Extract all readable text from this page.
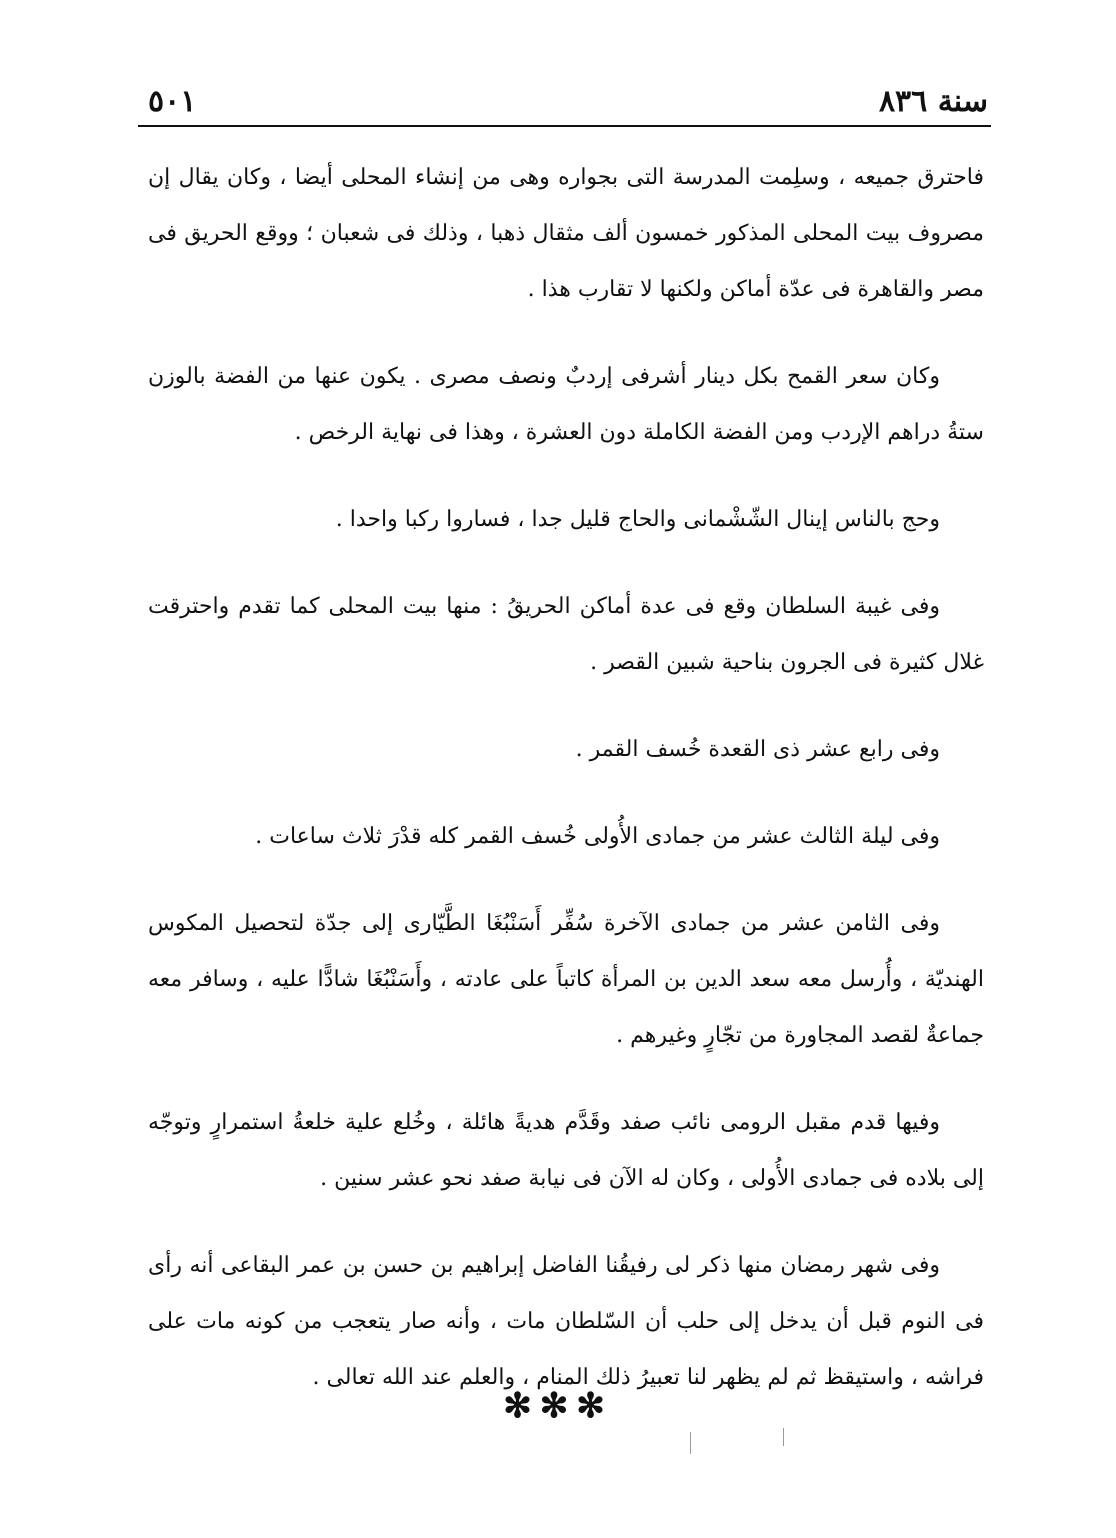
سنة ٨٣٦
٥٠١

فاحترق جميعه ، وسلِمت المدرسة التى بجواره وهى من إنشاء المحلى أيضا ، وكان يقال إن مصروف بيت المحلى المذكور خمسون ألف مثقال ذهبا ، وذلك فى شعبان ؛ ووقع الحريق فى مصر والقاهرة فى عدّة أماكن ولكنها لا تقارب هذا .

وكان سعر القمح بكل دينار أشرفى إردبٌ ونصف مصرى . يكون عنها من الفضة بالوزن ستةُ دراهم الإردب ومن الفضة الكاملة دون العشرة ، وهذا فى نهاية الرخص .

وحج بالناس إينال الشّشْمانى والحاج قليل جدا ، فساروا ركبا واحدا .

وفى غيبة السلطان وقع فى عدة أماكن الحريقُ : منها بيت المحلى كما تقدم واحترقت غلال كثيرة فى الجرون بناحية شبين القصر .

وفى رابع عشر ذى القعدة خُسف القمر .

وفى ليلة الثالث عشر من جمادى الأُولى خُسف القمر كله قدْرَ ثلاث ساعات .

وفى الثامن عشر من جمادى الآخرة سُفِّر أَسَنْبُغَا الطَّيّارى إلى جدّة لتحصيل المكوس الهنديّة ، وأُرسل معه سعد الدين بن المرأة كاتباً على عادته ، وأَسَنْبُغَا شادًّا عليه ، وسافر معه جماعةٌ لقصد المجاورة من تجّارٍ وغيرهم .

وفيها قدم مقبل الرومى نائب صفد وقَدَّم هديةً هائلة ، وخُلع علية خلعةُ استمرارٍ وتوجّه إلى بلاده فى جمادى الأُولى ، وكان له الآن فى نيابة صفد نحو عشر سنين .

وفى شهر رمضان منها ذكر لى رفيقُنا الفاضل إبراهيم بن حسن بن عمر البقاعى أنه رأى فى النوم قبل أن يدخل إلى حلب أن السّلطان مات ، وأنه صار يتعجب من كونه مات على فراشه ، واستيقظ ثم لم يظهر لنا تعبيرُ ذلك المنام ، والعلم عند الله تعالى .

✻✻✻
